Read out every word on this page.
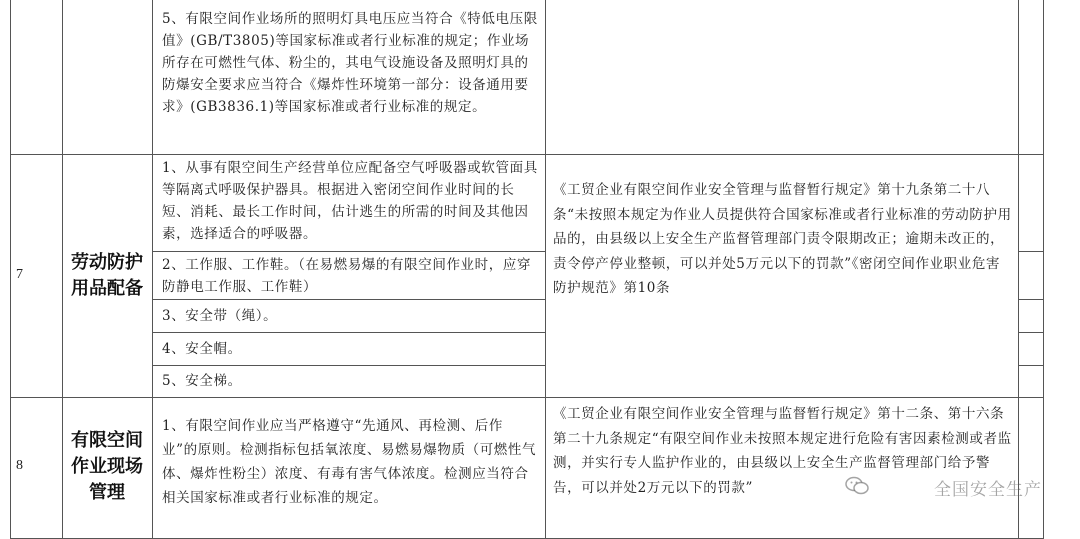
5、有限空间作业场所的照明灯具电压应当符合《特低电压限值》(GB/T3805)等国家标准或者行业标准的规定；作业场所存在可燃性气体、粉尘的，其电气设施设备及照明灯具的防爆安全要求应当符合《爆炸性环境第一部分：设备通用要求》(GB3836.1)等国家标准或者行业标准的规定。
7
劳动防护用品配备
1、从事有限空间生产经营单位应配备空气呼吸器或软管面具等隔离式呼吸保护器具。根据进入密闭空间作业时间的长短、消耗、最长工作时间，估计逃生的所需的时间及其他因素，选择适合的呼吸器。
2、工作服、工作鞋。（在易燃易爆的有限空间作业时，应穿防静电工作服、工作鞋）
3、安全带（绳）。
4、安全帽。
5、安全梯。
《工贸企业有限空间作业安全管理与监督暂行规定》第十九条第二十八条“未按照本规定为作业人员提供符合国家标准或者行业标准的劳动防护用品的，由县级以上安全生产监督管理部门责令限期改正；逾期未改正的，责令停产停业整顿，可以并处5万元以下的罚款”《密闭空间作业职业危害防护规范》第10条
8
有限空间作业现场管理
1、有限空间作业应当严格遵守“先通风、再检测、后作业”的原则。检测指标包括氧浓度、易燃易爆物质（可燃性气体、爆炸性粉尘）浓度、有毒有害气体浓度。检测应当符合相关国家标准或者行业标准的规定。
《工贸企业有限空间作业安全管理与监督暂行规定》第十二条、第十六条第二十九条规定“有限空间作业未按照本规定进行危险有害因素检测或者监测，并实行专人监护作业的，由县级以上安全生产监督管理部门给予警告，可以并处2万元以下的罚款”	全国安全生产
